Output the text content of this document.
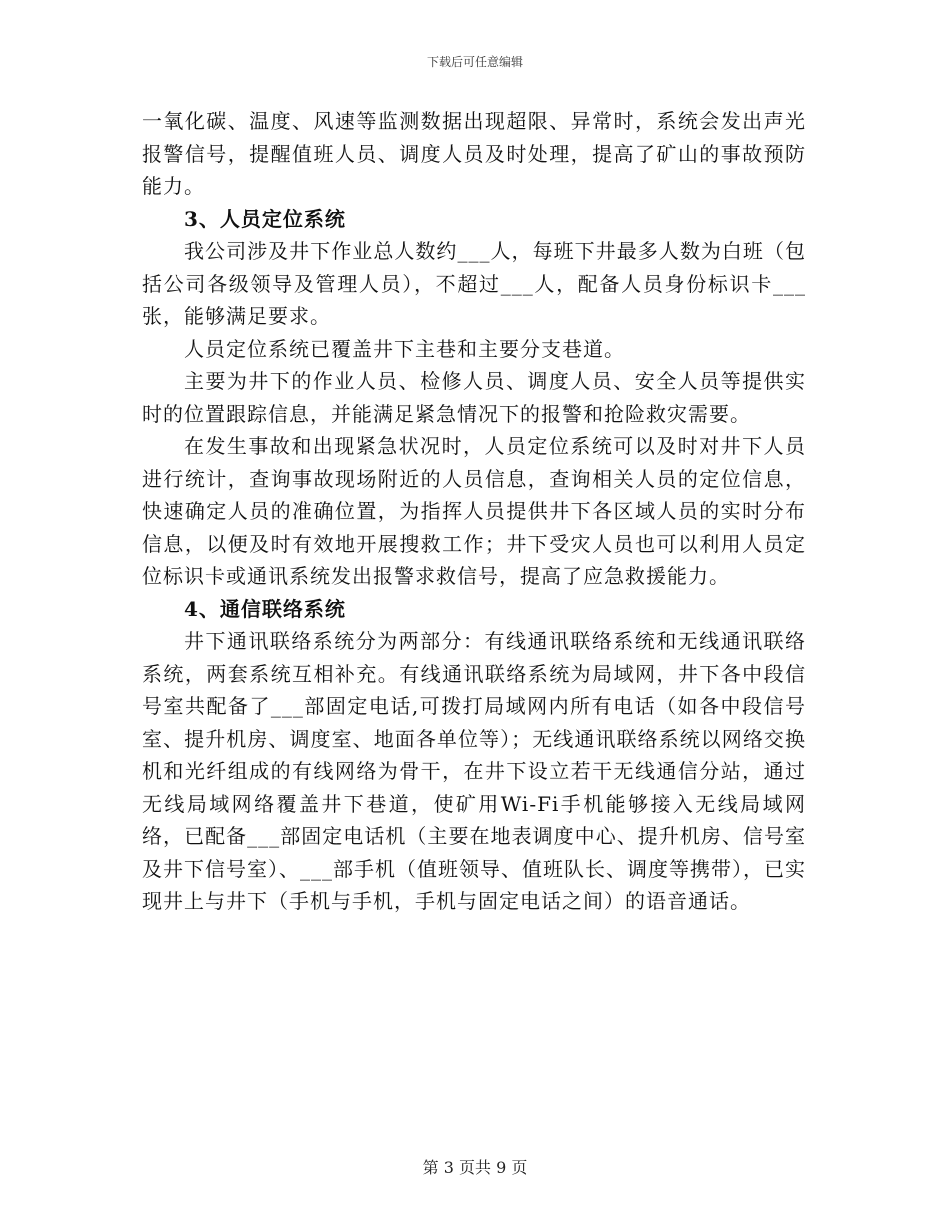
下载后可任意编辑

一氧化碳、温度、风速等监测数据出现超限、异常时，系统会发出声光报警信号，提醒值班人员、调度人员及时处理，提高了矿山的事故预防能力。

3、人员定位系统

我公司涉及井下作业总人数约___人，每班下井最多人数为白班（包括公司各级领导及管理人员），不超过___人，配备人员身份标识卡___张，能够满足要求。

人员定位系统已覆盖井下主巷和主要分支巷道。

主要为井下的作业人员、检修人员、调度人员、安全人员等提供实时的位置跟踪信息，并能满足紧急情况下的报警和抢险救灾需要。

在发生事故和出现紧急状况时，人员定位系统可以及时对井下人员进行统计，查询事故现场附近的人员信息，查询相关人员的定位信息，快速确定人员的准确位置，为指挥人员提供井下各区域人员的实时分布信息，以便及时有效地开展搜救工作；井下受灾人员也可以利用人员定位标识卡或通讯系统发出报警求救信号，提高了应急救援能力。

4、通信联络系统

井下通讯联络系统分为两部分：有线通讯联络系统和无线通讯联络系统，两套系统互相补充。有线通讯联络系统为局域网，井下各中段信号室共配备了___部固定电话,可拨打局域网内所有电话（如各中段信号室、提升机房、调度室、地面各单位等）；无线通讯联络系统以网络交换机和光纤组成的有线网络为骨干，在井下设立若干无线通信分站，通过无线局域网络覆盖井下巷道，使矿用Wi-Fi手机能够接入无线局域网络，已配备___部固定电话机（主要在地表调度中心、提升机房、信号室及井下信号室）、___部手机（值班领导、值班队长、调度等携带），已实现井上与井下（手机与手机，手机与固定电话之间）的语音通话。

第 3 页共 9 页
